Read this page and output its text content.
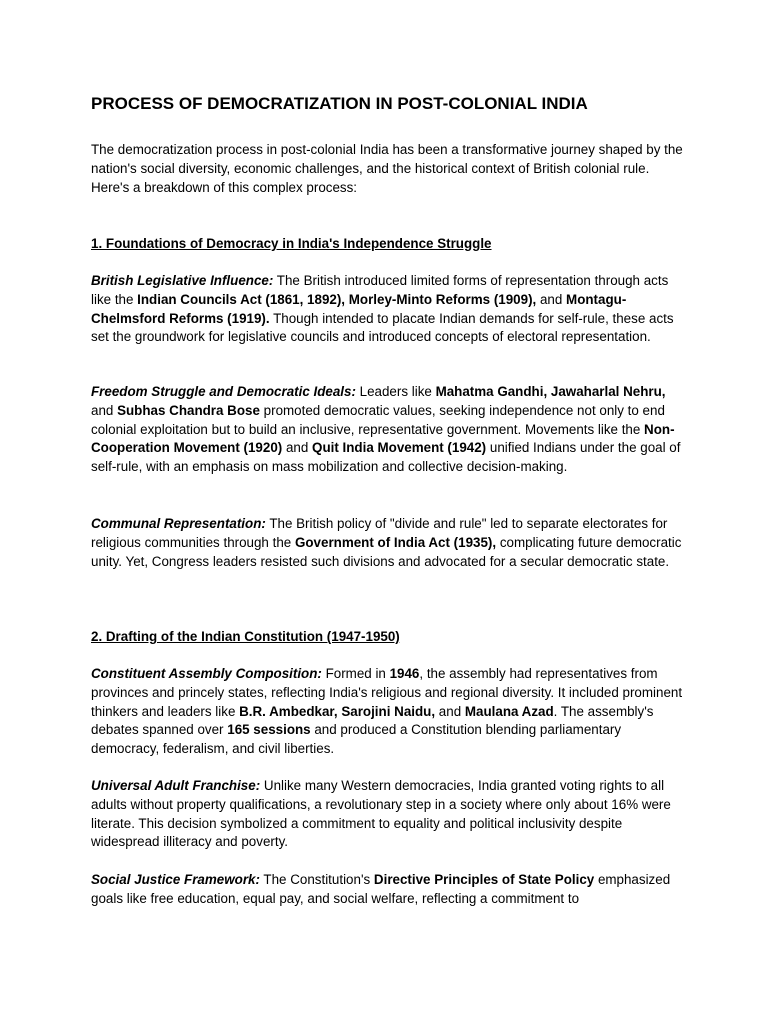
PROCESS OF DEMOCRATIZATION IN POST-COLONIAL INDIA

The democratization process in post-colonial India has been a transformative journey shaped by the nation's social diversity, economic challenges, and the historical context of British colonial rule. Here's a breakdown of this complex process:

1. Foundations of Democracy in India's Independence Struggle

British Legislative Influence: The British introduced limited forms of representation through acts like the Indian Councils Act (1861, 1892), Morley-Minto Reforms (1909), and Montagu-Chelmsford Reforms (1919). Though intended to placate Indian demands for self-rule, these acts set the groundwork for legislative councils and introduced concepts of electoral representation.

Freedom Struggle and Democratic Ideals: Leaders like Mahatma Gandhi, Jawaharlal Nehru, and Subhas Chandra Bose promoted democratic values, seeking independence not only to end colonial exploitation but to build an inclusive, representative government. Movements like the Non-Cooperation Movement (1920) and Quit India Movement (1942) unified Indians under the goal of self-rule, with an emphasis on mass mobilization and collective decision-making.

Communal Representation: The British policy of "divide and rule" led to separate electorates for religious communities through the Government of India Act (1935), complicating future democratic unity. Yet, Congress leaders resisted such divisions and advocated for a secular democratic state.

2. Drafting of the Indian Constitution (1947-1950)

Constituent Assembly Composition: Formed in 1946, the assembly had representatives from provinces and princely states, reflecting India's religious and regional diversity. It included prominent thinkers and leaders like B.R. Ambedkar, Sarojini Naidu, and Maulana Azad. The assembly's debates spanned over 165 sessions and produced a Constitution blending parliamentary democracy, federalism, and civil liberties.

Universal Adult Franchise: Unlike many Western democracies, India granted voting rights to all adults without property qualifications, a revolutionary step in a society where only about 16% were literate. This decision symbolized a commitment to equality and political inclusivity despite widespread illiteracy and poverty.

Social Justice Framework: The Constitution's Directive Principles of State Policy emphasized goals like free education, equal pay, and social welfare, reflecting a commitment to
